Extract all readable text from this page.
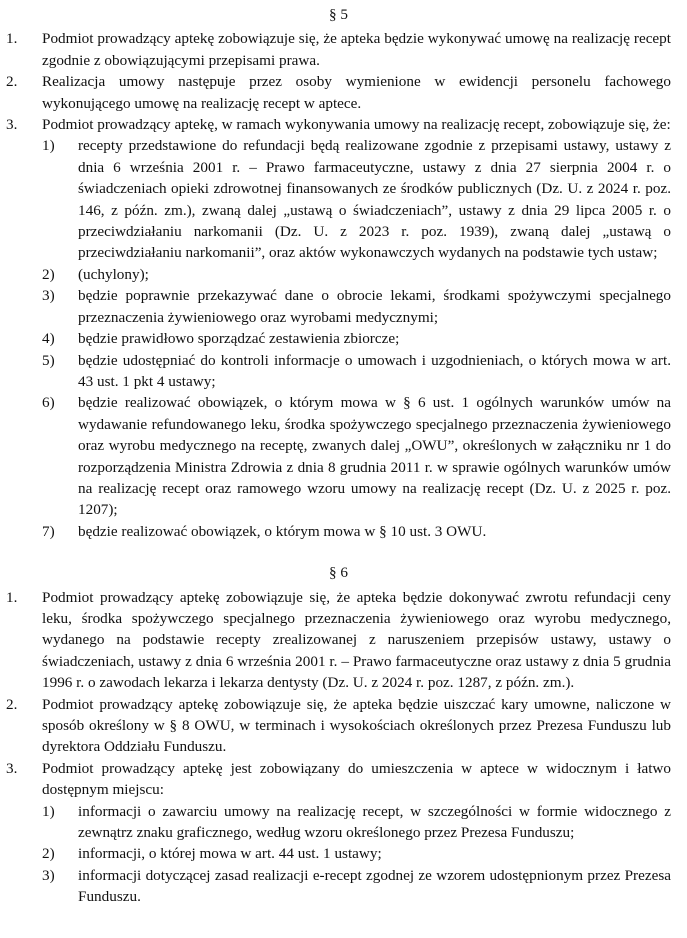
§ 5
1.	Podmiot prowadzący aptekę zobowiązuje się, że apteka będzie wykonywać umowę na realizację recept zgodnie z obowiązującymi przepisami prawa.
2.	Realizacja umowy następuje przez osoby wymienione w ewidencji personelu fachowego wykonującego umowę na realizację recept w aptece.
3.	Podmiot prowadzący aptekę, w ramach wykonywania umowy na realizację recept, zobowiązuje się, że:
1)	recepty przedstawione do refundacji będą realizowane zgodnie z przepisami ustawy, ustawy z dnia 6 września 2001 r. – Prawo farmaceutyczne, ustawy z dnia 27 sierpnia 2004 r. o świadczeniach opieki zdrowotnej finansowanych ze środków publicznych (Dz. U. z 2024 r. poz. 146, z późn. zm.), zwaną dalej „ustawą o świadczeniach”, ustawy z dnia 29 lipca 2005 r. o przeciwdziałaniu narkomanii (Dz. U. z 2023 r. poz. 1939), zwaną dalej „ustawą o przeciwdziałaniu narkomanii”, oraz aktów wykonawczych wydanych na podstawie tych ustaw;
2)	(uchylony);
3)	będzie poprawnie przekazywać dane o obrocie lekami, środkami spożywczymi specjalnego przeznaczenia żywieniowego oraz wyrobami medycznymi;
4)	będzie prawidłowo sporządzać zestawienia zbiorcze;
5)	będzie udostępniać do kontroli informacje o umowach i uzgodnieniach, o których mowa w art. 43 ust. 1 pkt 4 ustawy;
6)	będzie realizować obowiązek, o którym mowa w § 6 ust. 1 ogólnych warunków umów na wydawanie refundowanego leku, środka spożywczego specjalnego przeznaczenia żywieniowego oraz wyrobu medycznego na receptę, zwanych dalej „OWU”, określonych w załączniku nr 1 do rozporządzenia Ministra Zdrowia z dnia 8 grudnia 2011 r. w sprawie ogólnych warunków umów na realizację recept oraz ramowego wzoru umowy na realizację recept (Dz. U. z 2025 r. poz. 1207);
7)	będzie realizować obowiązek, o którym mowa w § 10 ust. 3 OWU.
§ 6
1.	Podmiot prowadzący aptekę zobowiązuje się, że apteka będzie dokonywać zwrotu refundacji ceny leku, środka spożywczego specjalnego przeznaczenia żywieniowego oraz wyrobu medycznego, wydanego na podstawie recepty zrealizowanej z naruszeniem przepisów ustawy, ustawy o świadczeniach, ustawy z dnia 6 września 2001 r. – Prawo farmaceutyczne oraz ustawy z dnia 5 grudnia 1996 r. o zawodach lekarza i lekarza dentysty (Dz. U. z 2024 r. poz. 1287, z późn. zm.).
2.	Podmiot prowadzący aptekę zobowiązuje się, że apteka będzie uiszczać kary umowne, naliczone w sposób określony w § 8 OWU, w terminach i wysokościach określonych przez Prezesa Funduszu lub dyrektora Oddziału Funduszu.
3.	Podmiot prowadzący aptekę jest zobowiązany do umieszczenia w aptece w widocznym i łatwo dostępnym miejscu:
1)	informacji o zawarciu umowy na realizację recept, w szczególności w formie widocznego z zewnątrz znaku graficznego, według wzoru określonego przez Prezesa Funduszu;
2)	informacji, o której mowa w art. 44 ust. 1 ustawy;
3)	informacji dotyczącej zasad realizacji e-recept zgodnej ze wzorem udostępnionym przez Prezesa Funduszu.
